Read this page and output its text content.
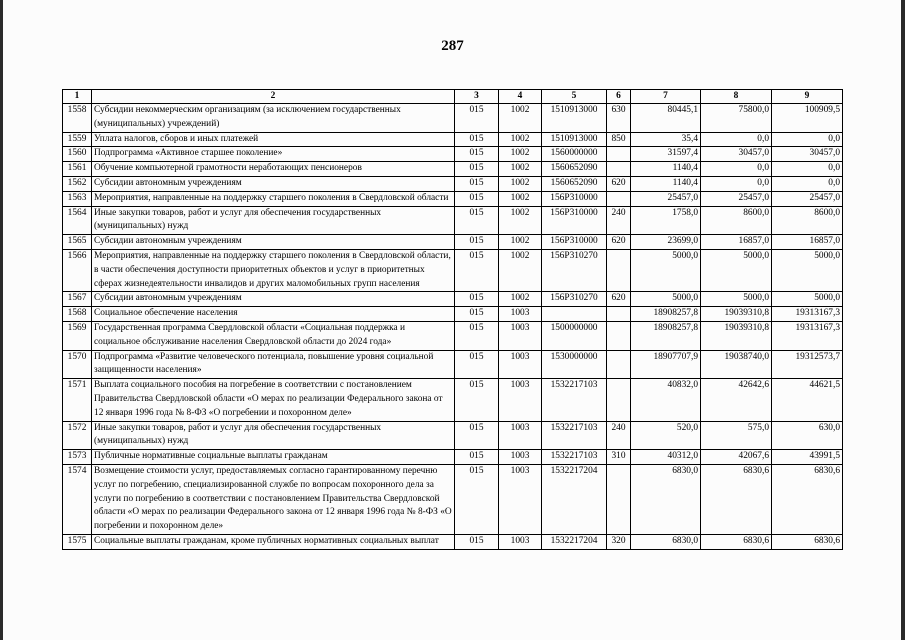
287
1	2	3	4	5	6	7	8	9
1558	Субсидии некоммерческим организациям (за исключением государственных (муниципальных) учреждений)	015	1002	1510913000	630	80445,1	75800,0	100909,5
1559	Уплата налогов, сборов и иных платежей	015	1002	1510913000	850	35,4	0,0	0,0
1560	Подпрограмма «Активное старшее поколение»	015	1002	1560000000		31597,4	30457,0	30457,0
1561	Обучение компьютерной грамотности неработающих пенсионеров	015	1002	1560652090		1140,4	0,0	0,0
1562	Субсидии автономным учреждениям	015	1002	1560652090	620	1140,4	0,0	0,0
1563	Мероприятия, направленные на поддержку старшего поколения в Свердловской области	015	1002	156P310000		25457,0	25457,0	25457,0
1564	Иные закупки товаров, работ и услуг для обеспечения государственных (муниципальных) нужд	015	1002	156P310000	240	1758,0	8600,0	8600,0
1565	Субсидии автономным учреждениям	015	1002	156P310000	620	23699,0	16857,0	16857,0
1566	Мероприятия, направленные на поддержку старшего поколения в Свердловской области, в части обеспечения доступности приоритетных объектов и услуг в приоритетных сферах жизнедеятельности инвалидов и других маломобильных групп населения	015	1002	156P310270		5000,0	5000,0	5000,0
1567	Субсидии автономным учреждениям	015	1002	156P310270	620	5000,0	5000,0	5000,0
1568	Социальное обеспечение населения	015	1003			18908257,8	19039310,8	19313167,3
1569	Государственная программа Свердловской области «Социальная поддержка и социальное обслуживание населения Свердловской области до 2024 года»	015	1003	1500000000		18908257,8	19039310,8	19313167,3
1570	Подпрограмма «Развитие человеческого потенциала, повышение уровня социальной защищенности населения»	015	1003	1530000000		18907707,9	19038740,0	19312573,7
1571	Выплата социального пособия на погребение в соответствии с постановлением Правительства Свердловской области «О мерах по реализации Федерального закона от 12 января 1996 года № 8-ФЗ «О погребении и похоронном деле»	015	1003	1532217103		40832,0	42642,6	44621,5
1572	Иные закупки товаров, работ и услуг для обеспечения государственных (муниципальных) нужд	015	1003	1532217103	240	520,0	575,0	630,0
1573	Публичные нормативные социальные выплаты гражданам	015	1003	1532217103	310	40312,0	42067,6	43991,5
1574	Возмещение стоимости услуг, предоставляемых согласно гарантированному перечню услуг по погребению, специализированной службе по вопросам похоронного дела за услуги по погребению в соответствии с постановлением Правительства Свердловской области «О мерах по реализации Федерального закона от 12 января 1996 года № 8-ФЗ «О погребении и похоронном деле»	015	1003	1532217204		6830,0	6830,6	6830,6
1575	Социальные выплаты гражданам, кроме публичных нормативных социальных выплат	015	1003	1532217204	320	6830,0	6830,6	6830,6
